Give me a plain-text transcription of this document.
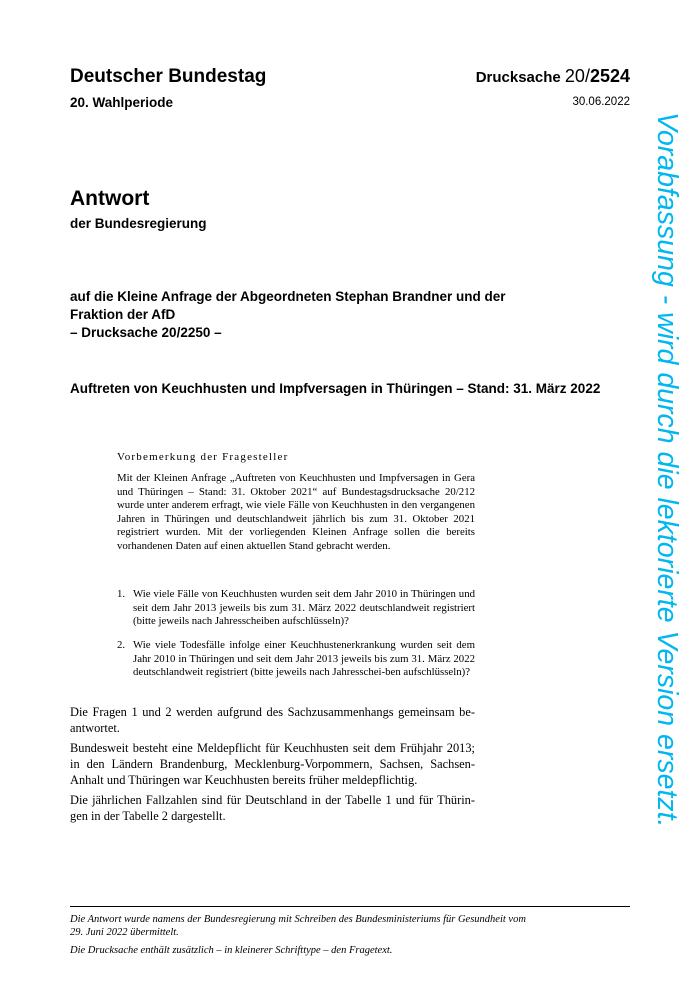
Deutscher Bundestag	Drucksache 20/2524
20. Wahlperiode	30.06.2022
Antwort
der Bundesregierung
auf die Kleine Anfrage der Abgeordneten Stephan Brandner und der
Fraktion der AfD
– Drucksache 20/2250 –
Auftreten von Keuchhusten und Impfversagen in Thüringen – Stand: 31. März 2022
Vorbemerkung der Fragesteller
Mit der Kleinen Anfrage „Auftreten von Keuchhusten und Impfversagen in Gera und Thüringen – Stand: 31. Oktober 2021“ auf Bundestagsdrucksache 20/212 wurde unter anderem erfragt, wie viele Fälle von Keuchhusten in den vergangenen Jahren in Thüringen und deutschlandweit jährlich bis zum 31. Oktober 2021 registriert wurden. Mit der vorliegenden Kleinen Anfrage sollen die bereits vorhandenen Daten auf einen aktuellen Stand gebracht werden.
1. Wie viele Fälle von Keuchhusten wurden seit dem Jahr 2010 in Thüringen und seit dem Jahr 2013 jeweils bis zum 31. März 2022 deutschlandweit registriert (bitte jeweils nach Jahresscheiben aufschlüsseln)?
2. Wie viele Todesfälle infolge einer Keuchhustenerkrankung wurden seit dem Jahr 2010 in Thüringen und seit dem Jahr 2013 jeweils bis zum 31. März 2022 deutschlandweit registriert (bitte jeweils nach Jahresschei-ben aufschlüsseln)?
Die Fragen 1 und 2 werden aufgrund des Sachzusammenhangs gemeinsam be-antwortet.
Bundesweit besteht eine Meldepflicht für Keuchhusten seit dem Frühjahr 2013; in den Ländern Brandenburg, Mecklenburg-Vorpommern, Sachsen, Sachsen-Anhalt und Thüringen war Keuchhusten bereits früher meldepflichtig.
Die jährlichen Fallzahlen sind für Deutschland in der Tabelle 1 und für Thürin-gen in der Tabelle 2 dargestellt.
Die Antwort wurde namens der Bundesregierung mit Schreiben des Bundesministeriums für Gesundheit vom 29. Juni 2022 übermittelt.
Die Drucksache enthält zusätzlich – in kleinerer Schrifttype – den Fragetext.
Vorabfassung - wird durch die lektorierte Version ersetzt.
